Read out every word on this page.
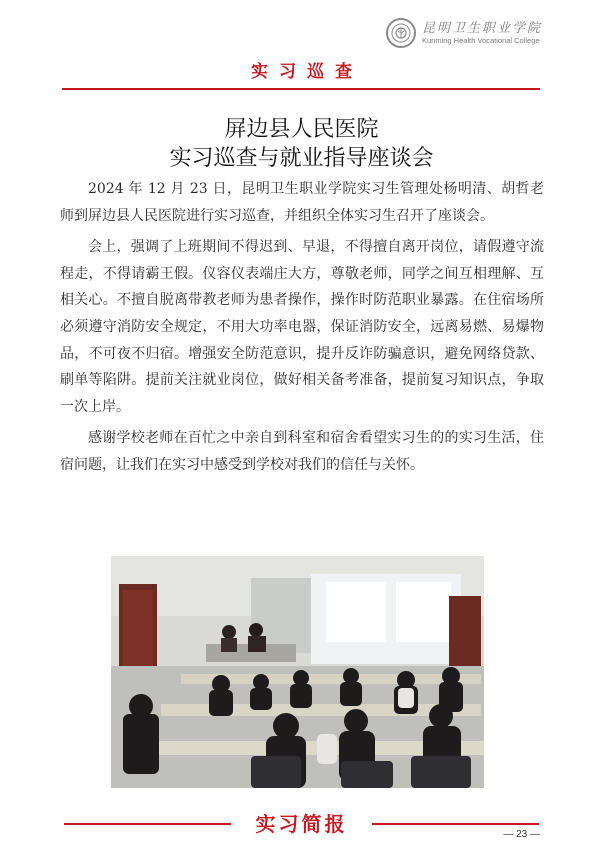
昆明卫生职业学院
Kunming Health Vocational College
实习巡查
屏边县人民医院
实习巡查与就业指导座谈会

2024 年 12 月 23 日，昆明卫生职业学院实习生管理处杨明清、胡哲老师到屏边县人民医院进行实习巡查，并组织全体实习生召开了座谈会。

会上，强调了上班期间不得迟到、早退，不得擅自离开岗位，请假遵守流程走，不得请霸王假。仪容仪表端庄大方，尊敬老师，同学之间互相理解、互相关心。不擅自脱离带教老师为患者操作，操作时防范职业暴露。在住宿场所必须遵守消防安全规定，不用大功率电器，保证消防安全，远离易燃、易爆物品，不可夜不归宿。增强安全防范意识，提升反诈防骗意识，避免网络贷款、刷单等陷阱。提前关注就业岗位，做好相关备考准备，提前复习知识点，争取一次上岸。

感谢学校老师在百忙之中亲自到科室和宿舍看望实习生的的实习生活，住宿问题，让我们在实习中感受到学校对我们的信任与关怀。

实习简报	— 23 —
